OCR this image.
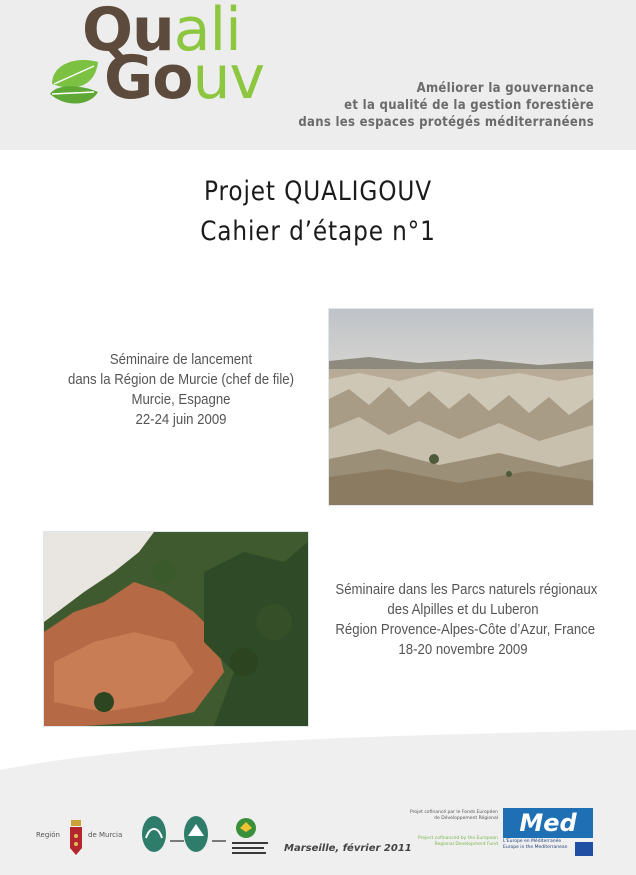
Quali
Gouv	Améliorer la gouvernance
et la qualité de la gestion forestière
dans les espaces protégés méditerranéens
Projet QUALIGOUV
Cahier d’étape n°1
Séminaire de lancement
dans la Région de Murcie (chef de file)
Murcie, Espagne
22-24 juin 2009
Séminaire dans les Parcs naturels régionaux
des Alpilles et du Luberon
Région Provence-Alpes-Côte d’Azur, France
18-20 novembre 2009
Región	de Murcia
Marseille, février 2011
Projet cofinancé par le Fonds Européen de Développement Régional
Project cofinanced by the European Regional Development Fund
Med
L'Europe en Méditerranée Europe in the Mediterranean
